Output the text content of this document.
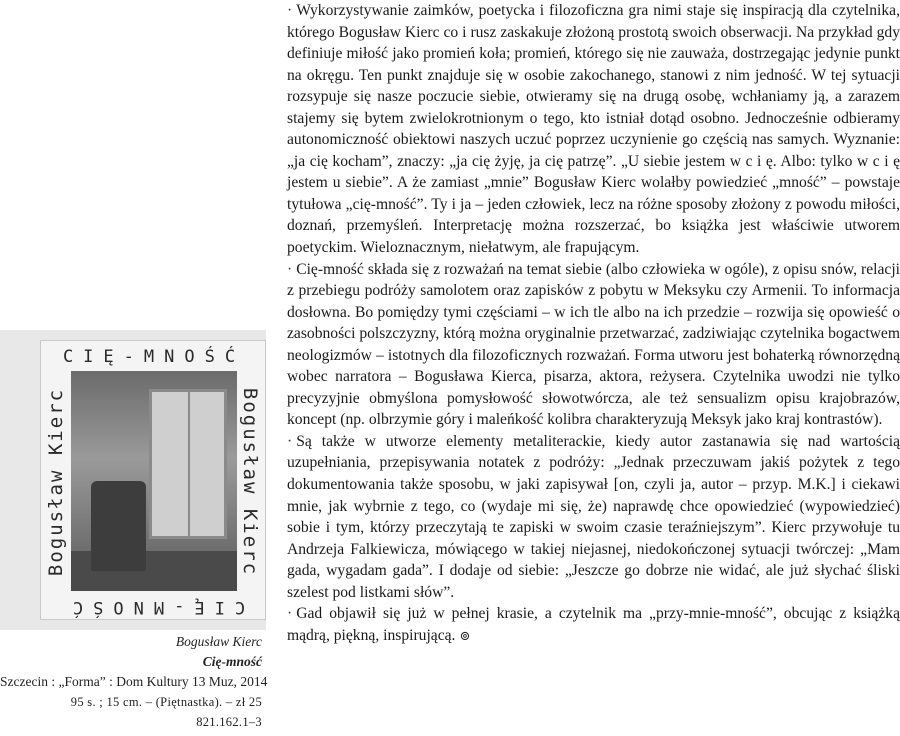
CIĘ-MNOŚĆ
CIĘ-MNOŚĆ
Bogusław Kierc	Bogusław Kierc
Bogusław Kierc
Cię-mność
Szczecin : „Forma” : Dom Kultury 13 Muz, 2014
95 s. ; 15 cm. – (Piętnastka). – zł 25
821.162.1–3

· Wykorzystywanie zaimków, poetycka i filozoficzna gra nimi staje się inspiracją dla czytelnika, którego Bogusław Kierc co i rusz zaskakuje złożoną prostotą swoich obserwacji. Na przykład gdy definiuje miłość jako promień koła; promień, którego się nie zauważa, dostrzegając jedynie punkt na okręgu. Ten punkt znajduje się w osobie zakochanego, stanowi z nim jedność. W tej sytuacji rozsypuje się nasze poczucie siebie, otwieramy się na drugą osobę, wchłaniamy ją, a zarazem stajemy się bytem zwielokrotnionym o tego, kto istniał dotąd osobno. Jednocześnie odbieramy autonomiczność obiektowi naszych uczuć poprzez uczynienie go częścią nas samych. Wyznanie: „ja cię kocham”, znaczy: „ja cię żyję, ja cię patrzę”. „U siebie jestem w c i ę. Albo: tylko w c i ę jestem u siebie”. A że zamiast „mnie” Bogusław Kierc wolałby powiedzieć „mność” – powstaje tytułowa „cię-mność”. Ty i ja – jeden człowiek, lecz na różne sposoby złożony z powodu miłości, doznań, przemyśleń. Interpretację można rozszerzać, bo książka jest właściwie utworem poetyckim. Wieloznacznym, niełatwym, ale frapującym.

· Cię-mność składa się z rozważań na temat siebie (albo człowieka w ogóle), z opisu snów, relacji z przebiegu podróży samolotem oraz zapisków z pobytu w Meksyku czy Armenii. To informacja dosłowna. Bo pomiędzy tymi częściami – w ich tle albo na ich przedzie – rozwija się opowieść o zasobności polszczyzny, którą można oryginalnie przetwarzać, zadziwiając czytelnika bogactwem neologizmów – istotnych dla filozoficznych rozważań. Forma utworu jest bohaterką równorzędną wobec narratora – Bogusława Kierca, pisarza, aktora, reżysera. Czytelnika uwodzi nie tylko precyzyjnie obmyślona pomysłowość słowotwórcza, ale też sensualizm opisu krajobrazów, koncept (np. olbrzymie góry i maleńkość kolibra charakteryzują Meksyk jako kraj kontrastów).

· Są także w utworze elementy metaliterackie, kiedy autor zastanawia się nad wartością uzupełniania, przepisywania notatek z podróży: „Jednak przeczuwam jakiś pożytek z tego dokumentowania także sposobu, w jaki zapisywał [on, czyli ja, autor – przyp. M.K.] i ciekawi mnie, jak wybrnie z tego, co (wydaje mi się, że) naprawdę chce opowiedzieć (wypowiedzieć) sobie i tym, którzy przeczytają te zapiski w swoim czasie teraźniejszym”. Kierc przywołuje tu Andrzeja Falkiewicza, mówiącego w takiej niejasnej, niedokończonej sytuacji twórczej: „Mam gada, wygadam gada”. I dodaje od siebie: „Jeszcze go dobrze nie widać, ale już słychać śliski szelest pod listkami słów”.

· Gad objawił się już w pełnej krasie, a czytelnik ma „przy-mnie-mność”, obcując z książką mądrą, piękną, inspirującą. ⊚
